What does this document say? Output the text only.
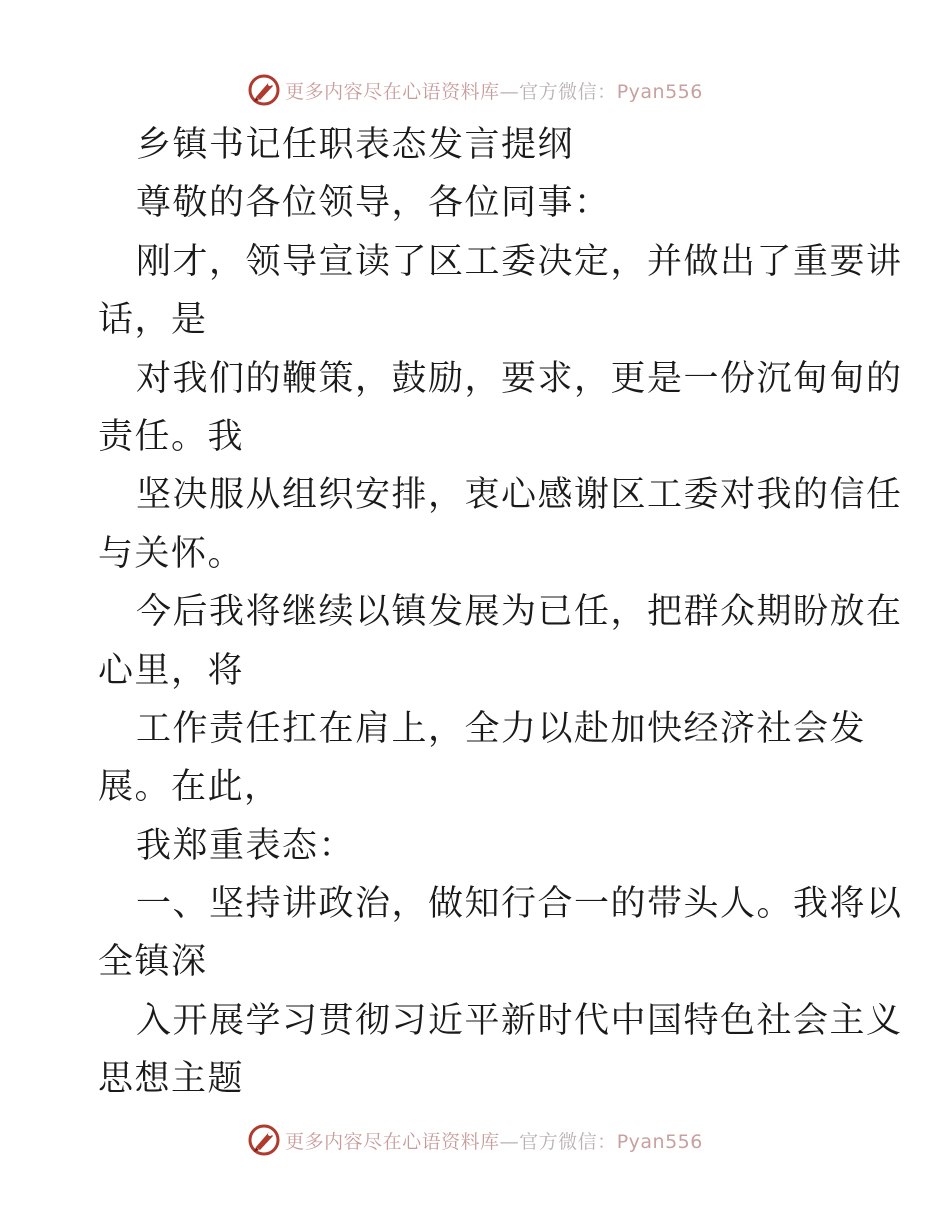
更多内容尽在心语资料库—官方微信：Pyan556
乡镇书记任职表态发言提纲
尊敬的各位领导，各位同事：
刚才，领导宣读了区工委决定，并做出了重要讲
话，是
对我们的鞭策，鼓励，要求，更是一份沉甸甸的
责任。我
坚决服从组织安排，衷心感谢区工委对我的信任
与关怀。
今后我将继续以镇发展为已任，把群众期盼放在
心里，将
工作责任扛在肩上，全力以赴加快经济社会发
展。在此，
我郑重表态：
一、坚持讲政治，做知行合一的带头人。我将以
全镇深
入开展学习贯彻习近平新时代中国特色社会主义
思想主题
更多内容尽在心语资料库—官方微信：Pyan556
